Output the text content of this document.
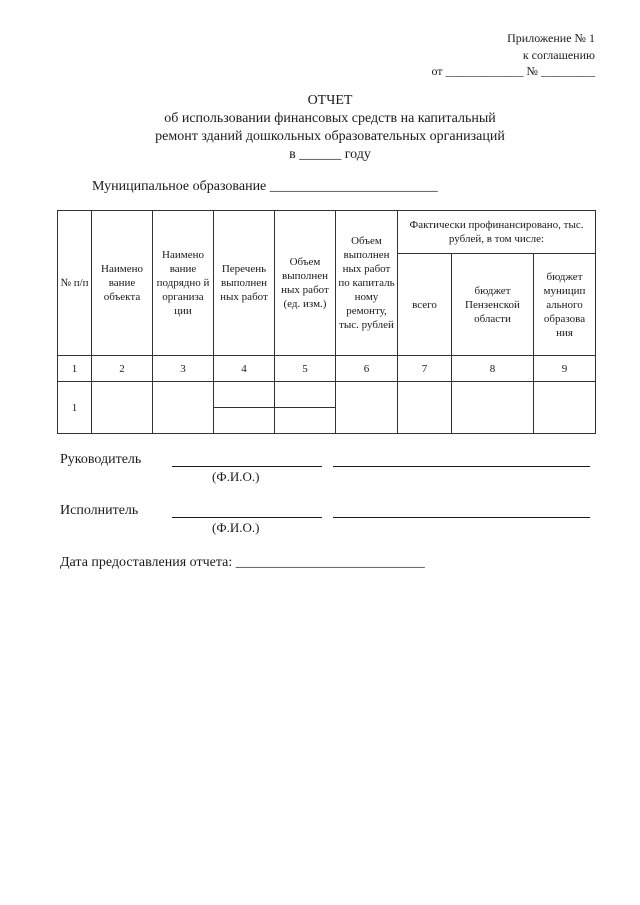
Приложение № 1
к соглашению
от _____________ № _________
ОТЧЕТ
об использовании финансовых средств на капитальный
ремонт зданий дошкольных образовательных организаций
в ______ году
Муниципальное образование ________________________
№ п/п	Наимено вание объекта	Наимено вание подрядно й организа ции	Перечень выполнен ных работ	Объем выполнен ных работ (ед. изм.)	Объем выполнен ных работ по капиталь ному ремонту, тыс. рублей	Фактически профинансировано, тыс. рублей, в том числе:		
						всего	бюджет Пензенской области	бюджет муницип ального образова ния
1	2	3	4	5	6	7	8	9
1								

Руководитель
(Ф.И.О.)
Исполнитель
(Ф.И.О.)
Дата предоставления отчета: ___________________________
